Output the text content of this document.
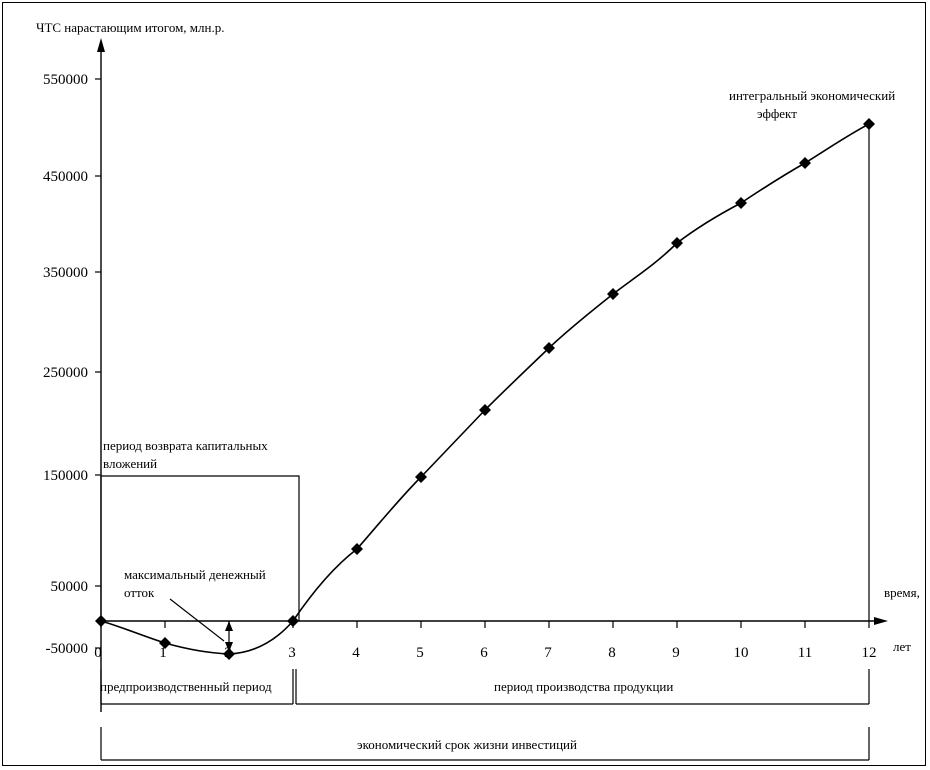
-50000
50000
150000
250000
350000
450000
550000
0	1	2	3	4	5	6	7	8	9	10	11	12
ЧТС нарастающим итогом, млн.р.
время,
лет
интегральный экономический
эффект
период возврата капитальных
вложений
максимальный денежный
отток
предпроизводственный период	период производства продукции
экономический срок жизни инвестиций
